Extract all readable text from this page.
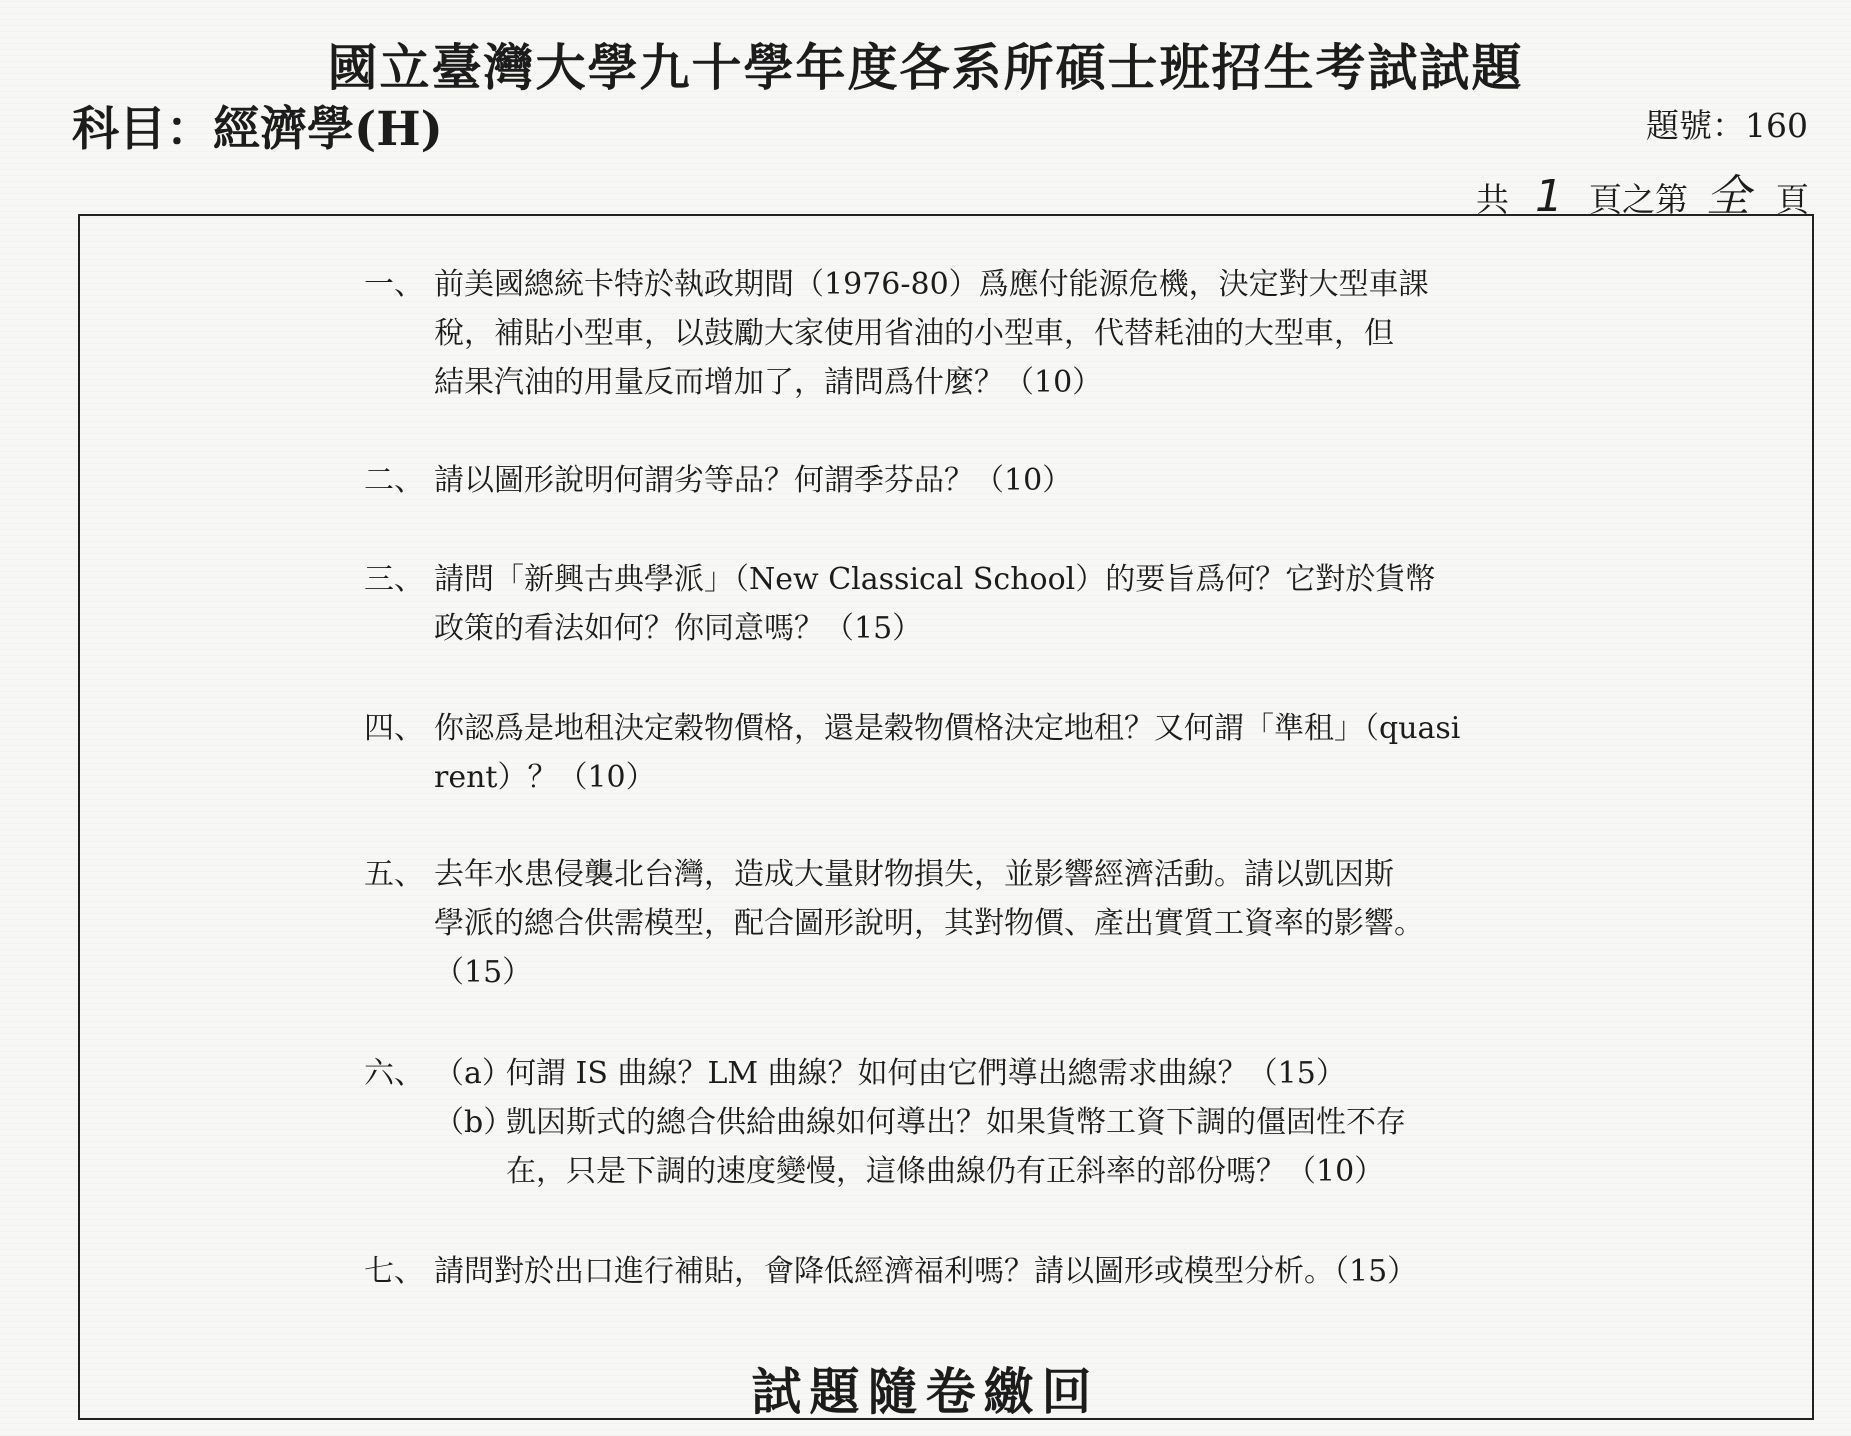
國立臺灣大學九十學年度各系所碩士班招生考試試題
科目：經濟學(H)	題號：160
共 1 頁之第 全 頁
一、 前美國總統卡特於執政期間（1976-80）爲應付能源危機，決定對大型車課
稅，補貼小型車，以鼓勵大家使用省油的小型車，代替耗油的大型車，但
結果汽油的用量反而增加了，請問爲什麼？（10）
二、 請以圖形說明何謂劣等品？何謂季芬品？（10）
三、 請問「新興古典學派」（New Classical School）的要旨爲何？它對於貨幣
政策的看法如何？你同意嗎？（15）
四、 你認爲是地租決定穀物價格，還是穀物價格決定地租？又何謂「準租」（quasi
rent）？（10）
五、 去年水患侵襲北台灣，造成大量財物損失，並影響經濟活動。請以凱因斯
學派的總合供需模型，配合圖形說明，其對物價、產出實質工資率的影響。
（15）
六、 （a）何謂 IS 曲線？LM 曲線？如何由它們導出總需求曲線？（15）
（b）凱因斯式的總合供給曲線如何導出？如果貨幣工資下調的僵固性不存
在，只是下調的速度變慢，這條曲線仍有正斜率的部份嗎？（10）
七、 請問對於出口進行補貼，會降低經濟福利嗎？請以圖形或模型分析。（15）
試題隨卷繳回
